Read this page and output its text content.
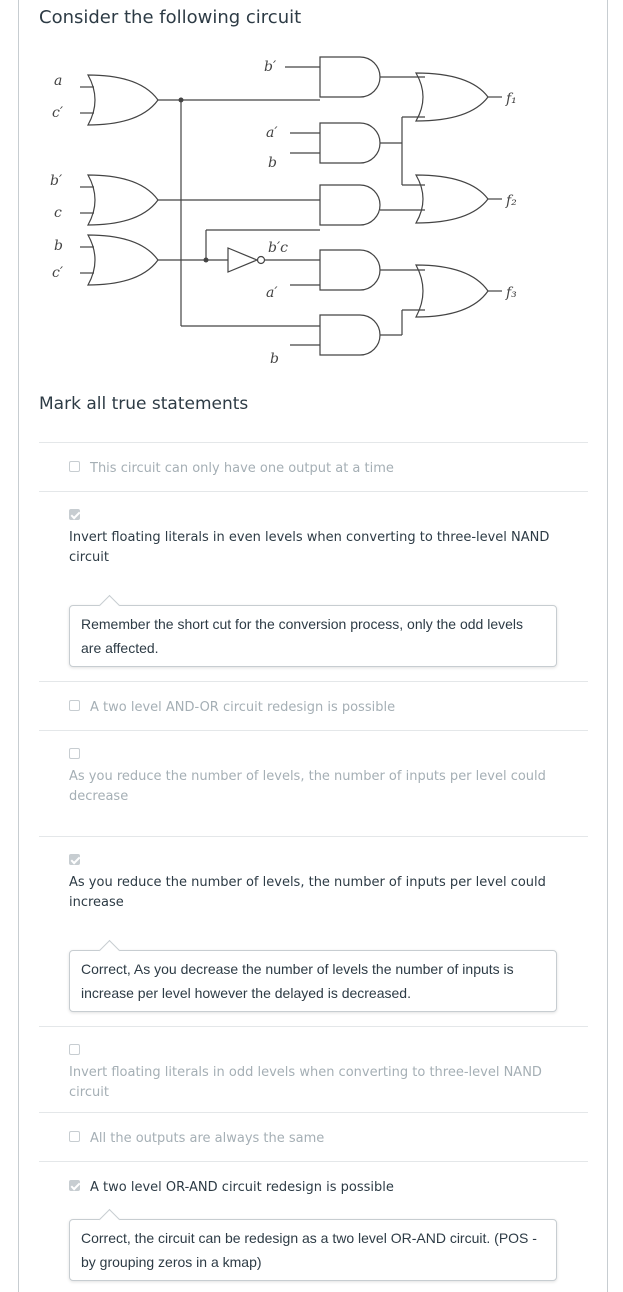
Consider the following circuit
a
c′
b′
c
b
c′
b′
a′
b
b′c
a′
b
f₁
f₂
f₃
Mark all true statements
This circuit can only have one output at a time
Invert floating literals in even levels when converting to three-level NAND circuit
Remember the short cut for the conversion process, only the odd levels are affected.
A two level AND-OR circuit redesign is possible
As you reduce the number of levels, the number of inputs per level could decrease
As you reduce the number of levels, the number of inputs per level could increase
Correct, As you decrease the number of levels the number of inputs is increase per level however the delayed is decreased.
Invert floating literals in odd levels when converting to three-level NAND circuit
All the outputs are always the same
A two level OR-AND circuit redesign is possible
Correct, the circuit can be redesign as a two level OR-AND circuit. (POS - by grouping zeros in a kmap)
